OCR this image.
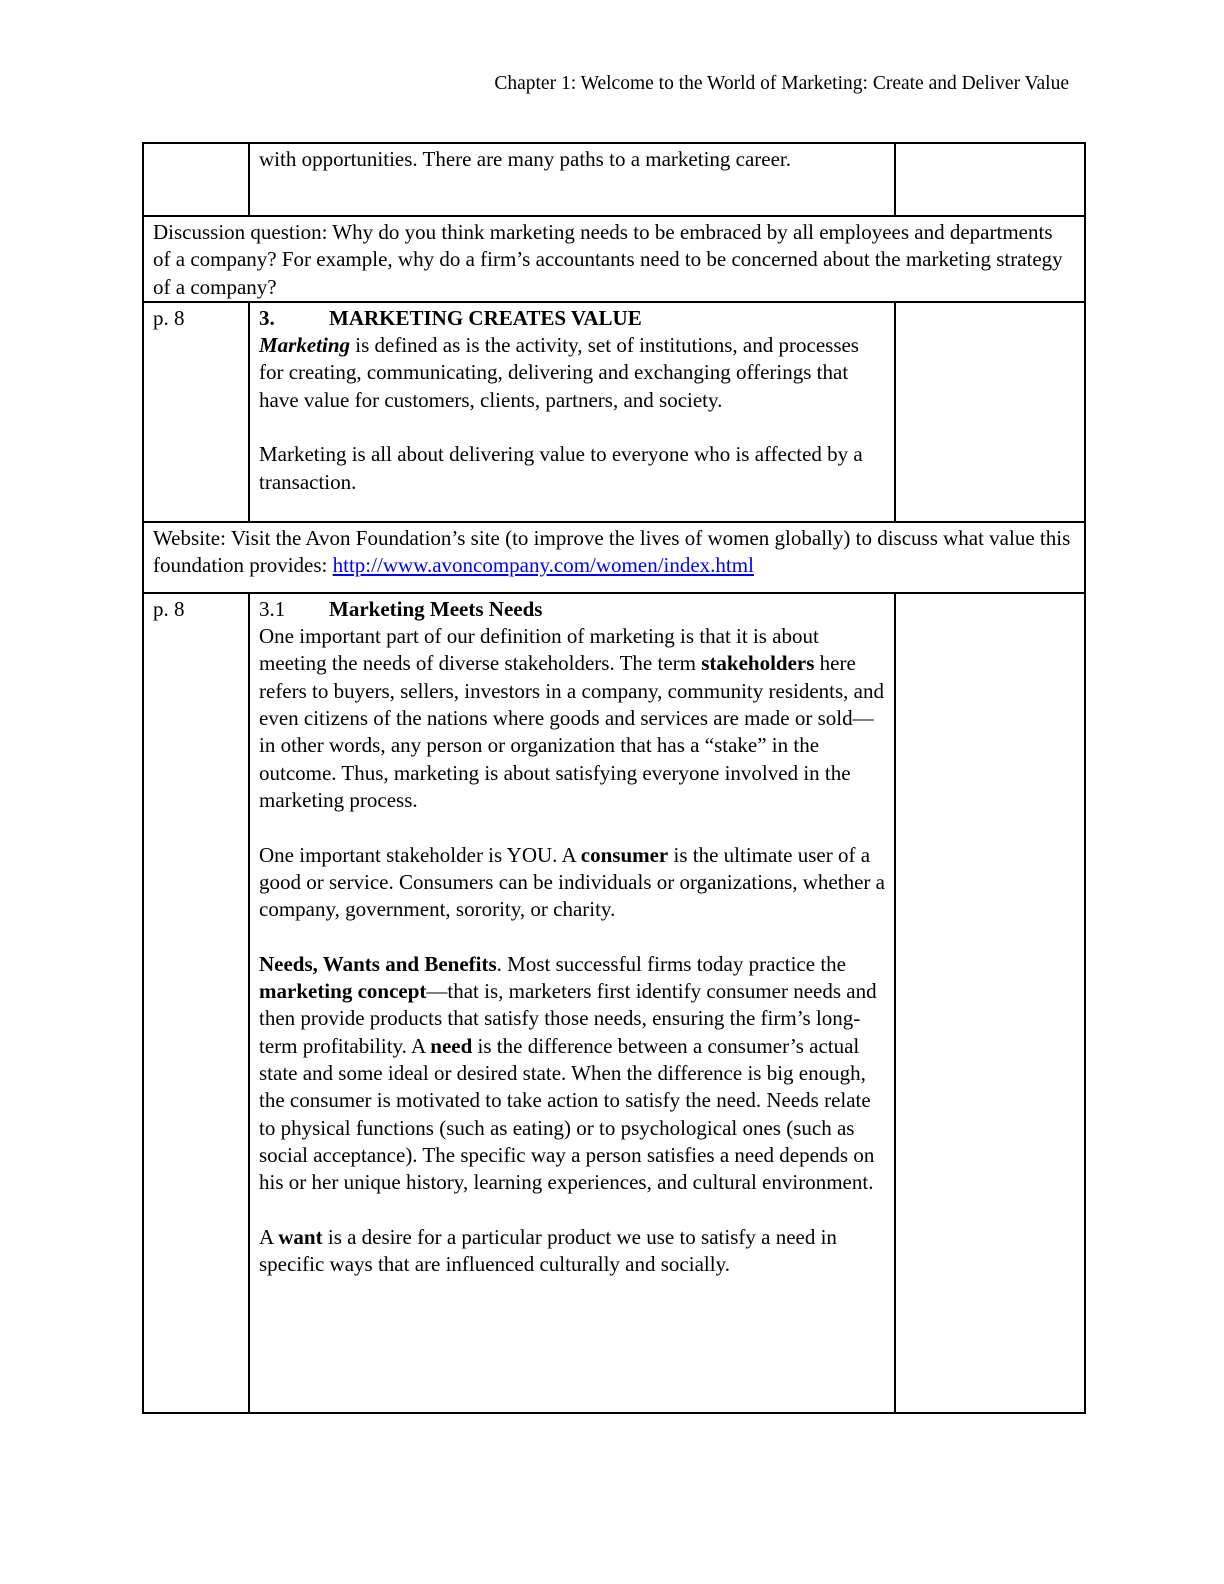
Chapter 1: Welcome to the World of Marketing: Create and Deliver Value

	with opportunities. There are many paths to a marketing career.	

Discussion question: Why do you think marketing needs to be embraced by all employees and departments of a company? For example, why do a firm’s accountants need to be concerned about the marketing strategy of a company?		

p. 8	3. MARKETING CREATES VALUE

Marketing is defined as is the activity, set of institutions, and processes for creating, communicating, delivering and exchanging offerings that have value for customers, clients, partners, and society.

Marketing is all about delivering value to everyone who is affected by a transaction.	

Website: Visit the Avon Foundation’s site (to improve the lives of women globally) to discuss what value this foundation provides: http://www.avoncompany.com/women/index.html		

p. 8	3.1 Marketing Meets Needs

One important part of our definition of marketing is that it is about meeting the needs of diverse stakeholders. The term stakeholders here refers to buyers, sellers, investors in a company, community residents, and even citizens of the nations where goods and services are made or sold—in other words, any person or organization that has a “stake” in the outcome. Thus, marketing is about satisfying everyone involved in the marketing process.

One important stakeholder is YOU. A consumer is the ultimate user of a good or service. Consumers can be individuals or organizations, whether a company, government, sorority, or charity.

Needs, Wants and Benefits. Most successful firms today practice the marketing concept—that is, marketers first identify consumer needs and then provide products that satisfy those needs, ensuring the firm’s long-term profitability. A need is the difference between a consumer’s actual state and some ideal or desired state. When the difference is big enough, the consumer is motivated to take action to satisfy the need. Needs relate to physical functions (such as eating) or to psychological ones (such as social acceptance). The specific way a person satisfies a need depends on his or her unique history, learning experiences, and cultural environment.

A want is a desire for a particular product we use to satisfy a need in specific ways that are influenced culturally and socially.	
